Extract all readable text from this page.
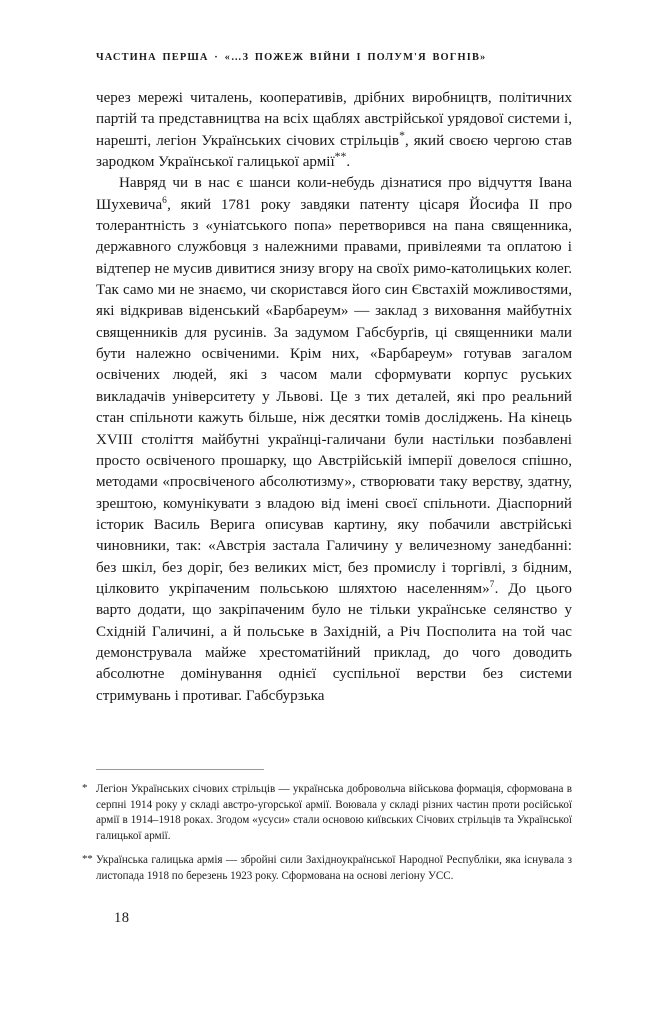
ЧАСТИНА ПЕРША · «…З ПОЖЕЖ ВІЙНИ І ПОЛУМ'Я ВОГНІВ»

через мережі читалень, кооперативів, дрібних виробництв, політичних партій та представництва на всіх щаблях австрійської урядової системи і, нарешті, легіон Українських січових стрільців*, який своєю чергою став зародком Української галицької армії**.

Навряд чи в нас є шанси коли-небудь дізнатися про відчуття Івана Шухевича$^6$, який 1781 року завдяки патенту цісаря Йосифа II про толерантність з «уніатського попа» перетворився на пана священника, державного службовця з належними правами, привілеями та оплатою і відтепер не мусив дивитися знизу вгору на своїх римо-католицьких колег. Так само ми не знаємо, чи скористався його син Євстахій можливостями, які відкривав віденський «Барбареум» — заклад з виховання майбутніх священників для русинів. За задумом Габсбурґів, ці священники мали бути належно освіченими. Крім них, «Барбареум» готував загалом освічених людей, які з часом мали сформувати корпус руських викладачів університету у Львові. Це з тих деталей, які про реальний стан спільноти кажуть більше, ніж десятки томів досліджень. На кінець XVIII століття майбутні українці-галичани були настільки позбавлені просто освіченого прошарку, що Австрійській імперії довелося спішно, методами «просвіченого абсолютизму», створювати таку верству, здатну, зрештою, комунікувати з владою від імені своєї спільноти. Діаспорний історик Василь Верига описував картину, яку побачили австрійські чиновники, так: «Австрія застала Галичину у величезному занедбанні: без шкіл, без доріг, без великих міст, без промислу і торгівлі, з бідним, цілковито укріпаченим польською шляхтою населенням»$^7$. До цього варто додати, що закріпаченим було не тільки українське селянство у Східній Галичині, а й польське в Західній, а Річ Посполита на той час демонструвала майже хрестоматійний приклад, до чого доводить абсолютне домінування однієї суспільної верстви без системи стримувань і противаг. Габсбурзька

* Легіон Українських січових стрільців — українська добровольча військова формація, сформована в серпні 1914 року у складі австро-угорської армії. Воювала у складі різних частин проти російської армії в 1914–1918 роках. Згодом «усуси» стали основою київських Січових стрільців та Української галицької армії.

** Українська галицька армія — збройні сили Західноукраїнської Народної Республіки, яка існувала з листопада 1918 по березень 1923 року. Сформована на основі легіону УСС.

18
